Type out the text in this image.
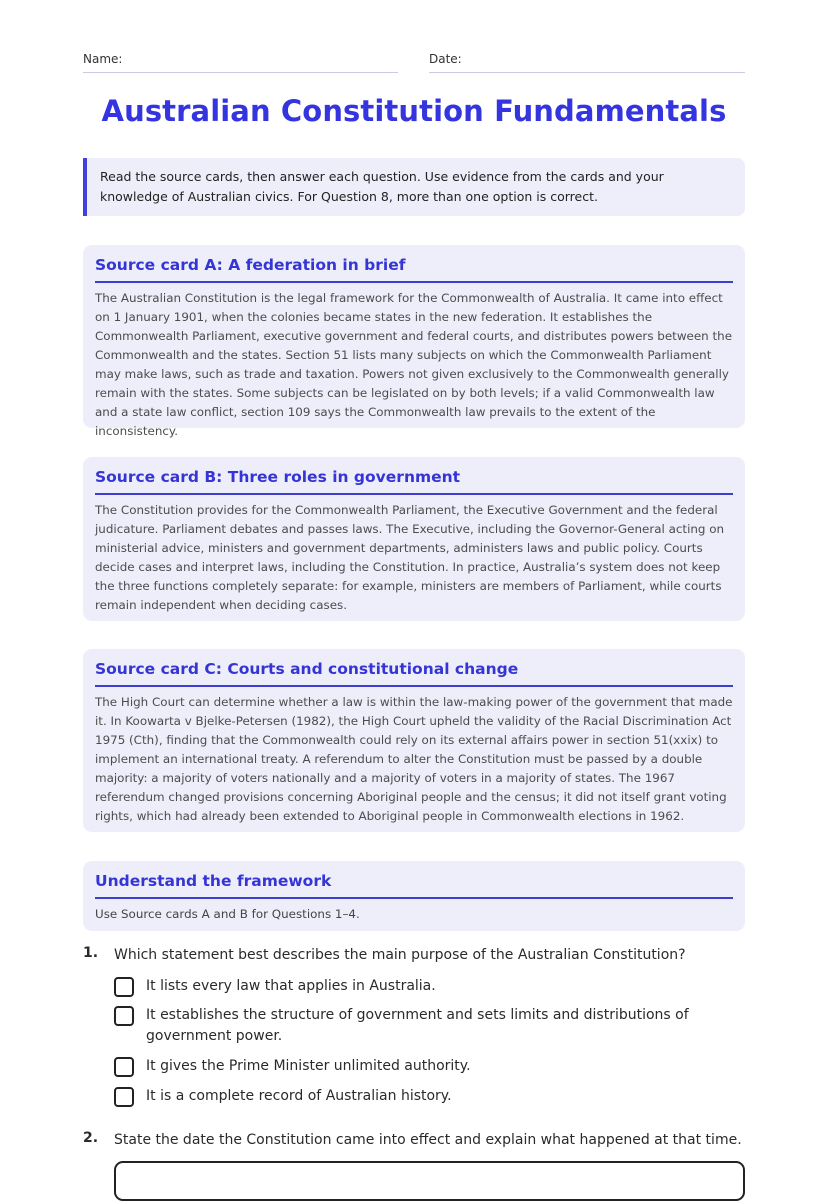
Name:	Date:
Australian Constitution Fundamentals
Read the source cards, then answer each question. Use evidence from the cards and your knowledge of Australian civics. For Question 8, more than one option is correct.
Source card A: A federation in brief

The Australian Constitution is the legal framework for the Commonwealth of Australia. It came into effect on 1 January 1901, when the colonies became states in the new federation. It establishes the Commonwealth Parliament, executive government and federal courts, and distributes powers between the Commonwealth and the states. Section 51 lists many subjects on which the Commonwealth Parliament may make laws, such as trade and taxation. Powers not given exclusively to the Commonwealth generally remain with the states. Some subjects can be legislated on by both levels; if a valid Commonwealth law and a state law conflict, section 109 says the Commonwealth law prevails to the extent of the inconsistency.

Source card B: Three roles in government

The Constitution provides for the Commonwealth Parliament, the Executive Government and the federal judicature. Parliament debates and passes laws. The Executive, including the Governor-General acting on ministerial advice, ministers and government departments, administers laws and public policy. Courts decide cases and interpret laws, including the Constitution. In practice, Australia’s system does not keep the three functions completely separate: for example, ministers are members of Parliament, while courts remain independent when deciding cases.

Source card C: Courts and constitutional change

The High Court can determine whether a law is within the law-making power of the government that made it. In Koowarta v Bjelke-Petersen (1982), the High Court upheld the validity of the Racial Discrimination Act 1975 (Cth), finding that the Commonwealth could rely on its external affairs power in section 51(xxix) to implement an international treaty. A referendum to alter the Constitution must be passed by a double majority: a majority of voters nationally and a majority of voters in a majority of states. The 1967 referendum changed provisions concerning Aboriginal people and the census; it did not itself grant voting rights, which had already been extended to Aboriginal people in Commonwealth elections in 1962.

Understand the framework

Use Source cards A and B for Questions 1–4.

1. Which statement best describes the main purpose of the Australian Constitution?
It lists every law that applies in Australia.
It establishes the structure of government and sets limits and distributions of government power.
It gives the Prime Minister unlimited authority.
It is a complete record of Australian history.
2. State the date the Constitution came into effect and explain what happened at that time.
